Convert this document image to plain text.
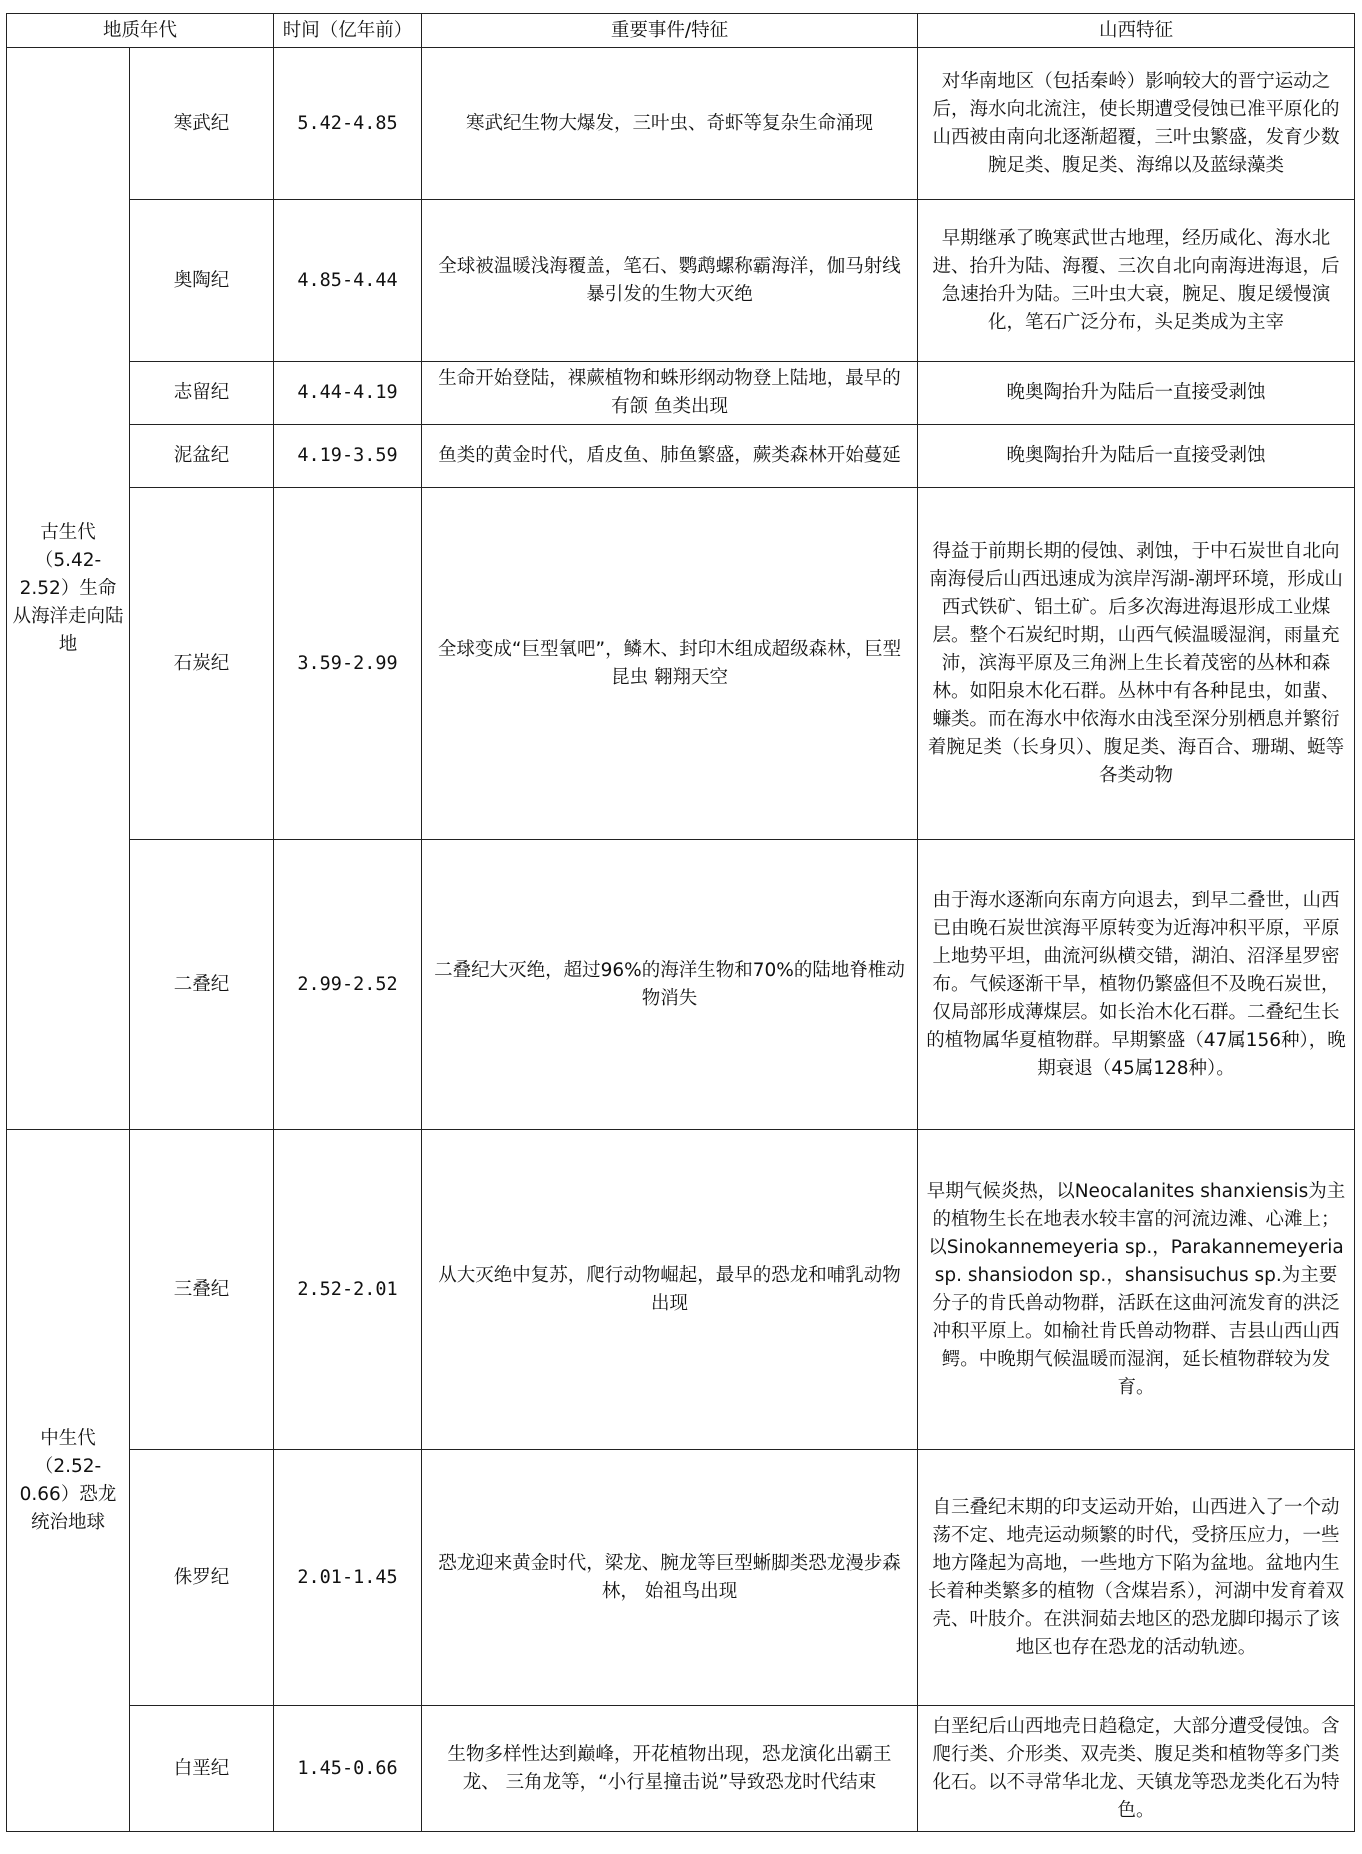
地质年代		时间（亿年前）	重要事件/特征	山西特征
古生代（5.42-2.52）生命从海洋走向陆地	寒武纪	5.42-4.85	寒武纪生物大爆发，三叶虫、奇虾等复杂生命涌现	对华南地区（包括秦岭）影响较大的晋宁运动之后，海水向北流注，使长期遭受侵蚀已准平原化的山西被由南向北逐渐超覆，三叶虫繁盛，发育少数腕足类、腹足类、海绵以及蓝绿藻类
	奥陶纪	4.85-4.44	全球被温暖浅海覆盖，笔石、鹦鹉螺称霸海洋，伽马射线暴引发的生物大灭绝	早期继承了晚寒武世古地理，经历咸化、海水北进、抬升为陆、海覆、三次自北向南海进海退，后急速抬升为陆。三叶虫大衰，腕足、腹足缓慢演化，笔石广泛分布，头足类成为主宰
	志留纪	4.44-4.19	生命开始登陆，裸蕨植物和蛛形纲动物登上陆地，最早的有颌 鱼类出现	晚奥陶抬升为陆后一直接受剥蚀
	泥盆纪	4.19-3.59	鱼类的黄金时代，盾皮鱼、肺鱼繁盛，蕨类森林开始蔓延	晚奥陶抬升为陆后一直接受剥蚀
	石炭纪	3.59-2.99	全球变成“巨型氧吧”，鳞木、封印木组成超级森林，巨型昆虫 翱翔天空	得益于前期长期的侵蚀、剥蚀，于中石炭世自北向南海侵后山西迅速成为滨岸泻湖-潮坪环境，形成山西式铁矿、铝土矿。后多次海进海退形成工业煤层。整个石炭纪时期，山西气候温暖湿润，雨量充沛，滨海平原及三角洲上生长着茂密的丛林和森林。如阳泉木化石群。丛林中有各种昆虫，如蜚、蠊类。而在海水中依海水由浅至深分别栖息并繁衍着腕足类（长身贝）、腹足类、海百合、珊瑚、蜓等各类动物
	二叠纪	2.99-2.52	二叠纪大灭绝，超过96%的海洋生物和70%的陆地脊椎动物消失	由于海水逐渐向东南方向退去，到早二叠世，山西已由晚石炭世滨海平原转变为近海冲积平原，平原上地势平坦，曲流河纵横交错，湖泊、沼泽星罗密布。气候逐渐干旱，植物仍繁盛但不及晚石炭世，仅局部形成薄煤层。如长治木化石群。二叠纪生长的植物属华夏植物群。早期繁盛（47属156种），晚期衰退（45属128种）。
中生代（2.52-0.66）恐龙统治地球	三叠纪	2.52-2.01	从大灭绝中复苏，爬行动物崛起，最早的恐龙和哺乳动物出现	早期气候炎热，以Neocalanites shanxiensis为主的植物生长在地表水较丰富的河流边滩、心滩上；以Sinokannemeyeria sp.，Parakannemeyeria sp. shansiodon sp.，shansisuchus sp.为主要分子的肯氏兽动物群，活跃在这曲河流发育的洪泛冲积平原上。如榆社肯氏兽动物群、吉县山西山西鳄。中晚期气候温暖而湿润，延长植物群较为发育。
	侏罗纪	2.01-1.45	恐龙迎来黄金时代，梁龙、腕龙等巨型蜥脚类恐龙漫步森林， 始祖鸟出现	自三叠纪末期的印支运动开始，山西进入了一个动荡不定、地壳运动频繁的时代，受挤压应力，一些地方隆起为高地，一些地方下陷为盆地。盆地内生长着种类繁多的植物（含煤岩系），河湖中发育着双壳、叶肢介。在洪洞茹去地区的恐龙脚印揭示了该地区也存在恐龙的活动轨迹。
	白垩纪	1.45-0.66	生物多样性达到巅峰，开花植物出现，恐龙演化出霸王龙、 三角龙等，“小行星撞击说”导致恐龙时代结束	白垩纪后山西地壳日趋稳定，大部分遭受侵蚀。含爬行类、介形类、双壳类、腹足类和植物等多门类化石。以不寻常华北龙、天镇龙等恐龙类化石为特色。
